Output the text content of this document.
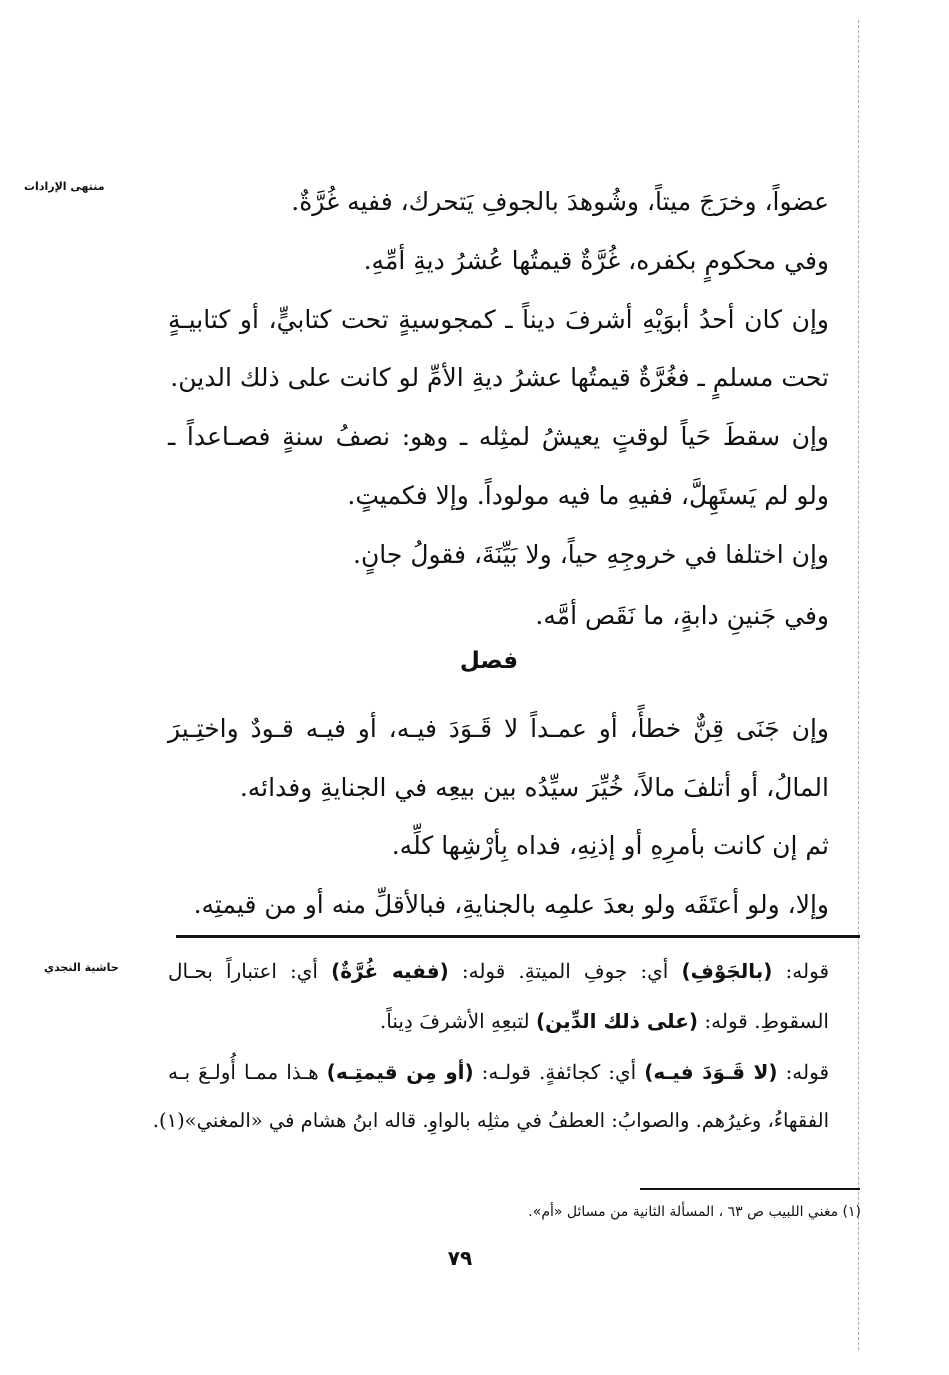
منتهى الإرادات
حاشية النجدي
عضواً، وخرَجَ ميتاً، وشُوهدَ بالجوفِ يَتحرك، ففيه غُرَّةٌ.
وفي محكومٍ بكفره، غُرَّةٌ قيمتُها عُشرُ ديةِ أمِّهِ.
وإن كان أحدُ أبوَيْهِ أشرفَ ديناً ـ كمجوسيةٍ تحت كتابيٍّ، أو كتابيـةٍ
تحت مسلمٍ ـ فغُرَّةٌ قيمتُها عشرُ ديةِ الأمِّ لو كانت على ذلك الدين.
وإن سقطَ حَياً لوقتٍ يعيشُ لمثِله ـ وهو: نصفُ سنةٍ فصـاعداً ـ
ولو لم يَستَهِلَّ، ففيهِ ما فيه مولوداً. وإلا فكميتٍ.
وإن اختلفا في خروجِهِ حياً، ولا بَيِّنَةَ، فقولُ جانٍ.
وفي جَنينِ دابةٍ، ما نَقَص أمَّه.
فصل
وإن جَنَى قِنٌّ خطأً، أو عمـداً لا قَـوَدَ فيـه، أو فيـه قـودٌ واختِـيرَ
المالُ، أو أتلفَ مالاً، خُيِّرَ سيِّدُه بين بيعِه في الجنايةِ وفدائه.
ثم إن كانت بأمرِهِ أو إذنِهِ، فداه بِأرْشِها كلِّه.
وإلا، ولو أعتَقَه ولو بعدَ علمِه بالجنايةِ، فبالأقلِّ منه أو من قيمتِه.
قوله: (بالجَوْفِ) أي: جوفِ الميتةِ. قوله: (ففيه غُرَّةٌ) أي: اعتباراً بحـال
السقوطِ. قوله: (على ذلك الدِّين) لتبعِهِ الأشرفَ دِيناً.
قوله: (لا قَـوَدَ فيـه) أي: كجائفةٍ. قولـه: (أو مِن قيمتِـه) هـذا ممـا أُولـعَ بـه
الفقهاءُ، وغيرُهم. والصوابُ: العطفُ في مثلِه بالواوِ. قاله ابنُ هشام في «المغني»(١).
(١) مغني اللبيب ص ٦٣ ، المسألة الثانية من مسائل «أم».
٧٩
